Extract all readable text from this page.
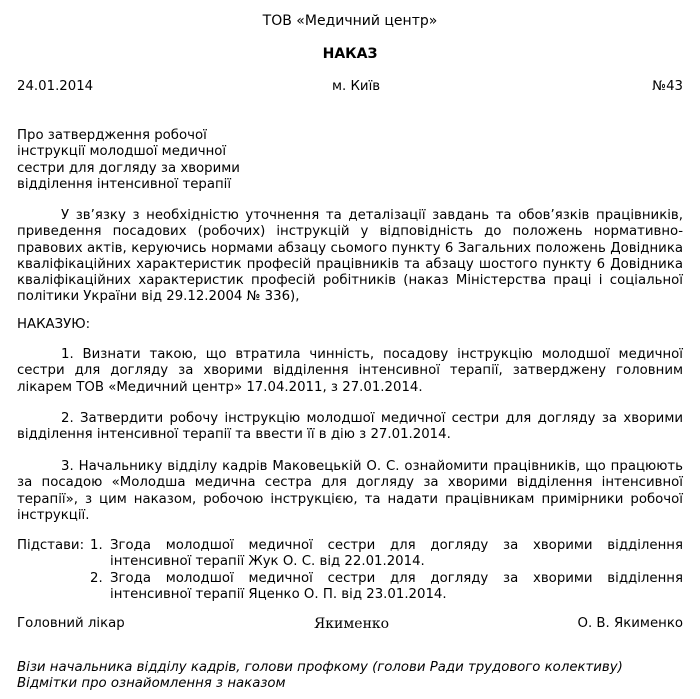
ТОВ «Медичний центр»
НАКАЗ
24.01.2014	м. Київ	№43
Про затвердження робочої
інструкції молодшої медичної
сестри для догляду за хворими
відділення інтенсивної терапії
У зв’язку з необхідністю уточнення та деталізації завдань та обов’язків працівників, приведення посадових (робочих) інструкцій у відповідність до положень нормативно-правових актів, керуючись нормами абзацу сьомого пункту 6 Загальних положень Довідника кваліфікаційних характеристик професій працівників та абзацу шостого пункту 6 Довідника кваліфікаційних характеристик професій робітників (наказ Міністерства праці і соціальної політики України від 29.12.2004 № 336),
НАКАЗУЮ:
1. Визнати такою, що втратила чинність, посадову інструкцію молодшої медичної сестри для догляду за хворими відділення інтенсивної терапії, затверджену головним лікарем ТОВ «Медичний центр» 17.04.2011, з 27.01.2014.
2. Затвердити робочу інструкцію молодшої медичної сестри для догляду за хворими відділення інтенсивної терапії та ввести її в дію з 27.01.2014.
3. Начальнику відділу кадрів Маковецькій О. С. ознайомити працівників, що працюють за посадою «Молодша медична сестра для догляду за хворими відділення інтенсивної терапії», з цим наказом, робочою інструкцією, та надати працівникам примірники робочої інструкції.
Підстави: 1. Згода молодшої медичної сестри для догляду за хворими відділення інтенсивної терапії Жук О. С. від 22.01.2014.
2. Згода молодшої медичної сестри для догляду за хворими відділення інтенсивної терапії Яценко О. П. від 23.01.2014.
Головний лікар	Якименко	О. В. Якименко
Візи начальника відділу кадрів, голови профкому (голови Ради трудового колективу)
Відмітки про ознайомлення з наказом
